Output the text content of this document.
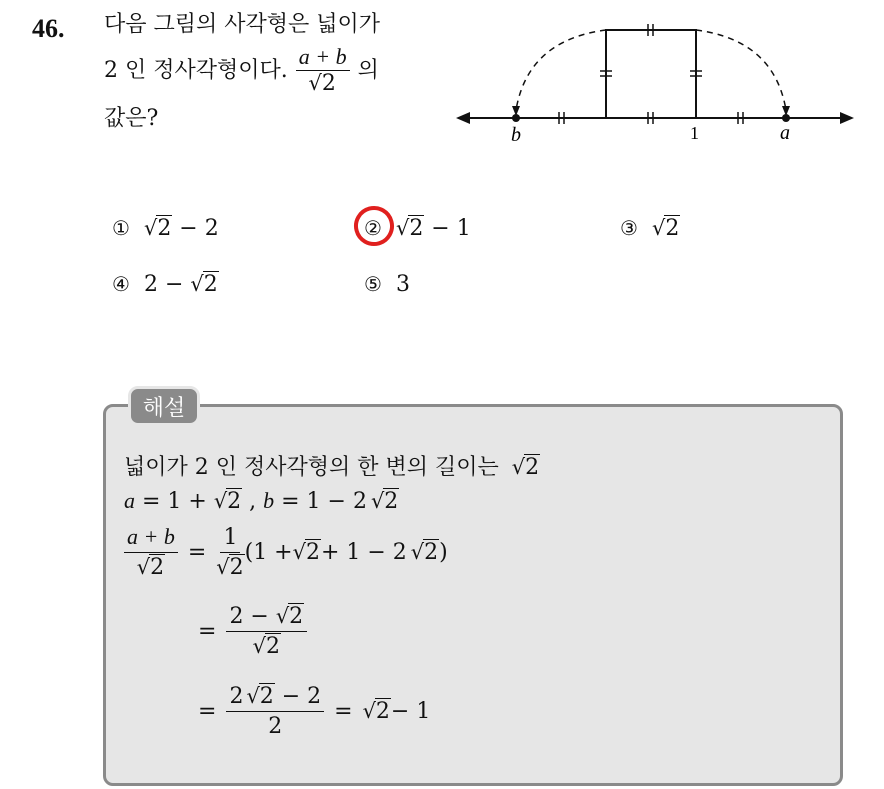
46. 다음 그림의 사각형은 넓이가
2 인 정사각형이다. $\frac{a + b}{√2}$ 의
값은?
b	1	a
① √2 − 2	② √2 − 1	③ √2
④ 2 − √2	⑤ 3
해설
넓이가 2 인 정사각형의 한 변의 길이는 √2
a = 1 + √2 , b = 1 − 2 √2
$\frac{a + b}{√2} = \frac{1}{√2} (1 + √2 + 1 - 2$ √2 )
= $\frac{2 - √2}{√2}$
= $\frac{2 √2 - 2}{2} = √2 - 1$
